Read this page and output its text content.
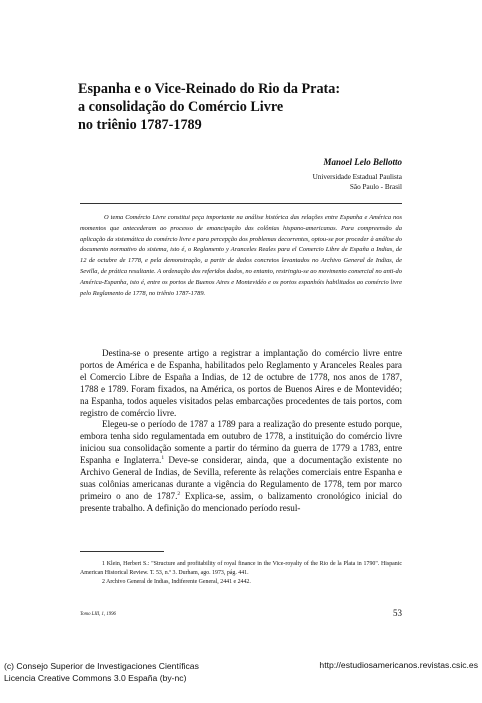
Espanha e o Vice-Reinado do Rio da Prata:
a consolidação do Comércio Livre
no triênio 1787-1789
Manoel Lelo Bellotto
Universidade Estadual Paulista
São Paulo - Brasil
O tema Comércio Livre constitui peça importante na análise histórica das relações entre Espanha e América nos momentos que antecederam ao processo de emancipação das colônias hispano-americanas. Para compreensão da aplicação da sistemática do comércio livre e para percepção dos problemas decorrentes, optou-se por proceder à análise do documento normativo do sistema, isto é, o Reglamento y Aranceles Reales para el Comercio Libre de España a Indias, de 12 de octubre de 1778, e pela demonstração, a partir de dados concretos levantados no Archivo General de Indias, de Sevilla, de prática resultante. A ordenação dos referidos dados, no entanto, restringiu-se ao movimento comercial no anti-do América-Espanha, isto é, entre os portos de Buenos Aires e Montevidéo e os portos espanhóis habilitados ao comércio livre pelo Reglamento de 1778, no triênio 1787-1789.

Destina-se o presente artigo a registrar a implantação do comércio livre entre portos de América e de Espanha, habilitados pelo Reglamento y Aranceles Reales para el Comercio Libre de España a Indias, de 12 de octubre de 1778, nos anos de 1787, 1788 e 1789. Foram fixados, na América, os portos de Buenos Aires e de Montevidéo; na Espanha, todos aqueles visitados pelas embarcações procedentes de tais portos, com registro de comércio livre.

Elegeu-se o período de 1787 a 1789 para a realização do presente estudo porque, embora tenha sido regulamentada em outubro de 1778, a instituição do comércio livre iniciou sua consolidação somente a partir do término da guerra de 1779 a 1783, entre Espanha e Inglaterra.$^1$ Deve-se considerar, ainda, que a documentação existente no Archivo General de Indias, de Sevilla, referente às relações comerciais entre Espanha e suas colônias americanas durante a vigência do Regulamento de 1778, tem por marco primeiro o ano de 1787.$^2$ Explica-se, assim, o balizamento cronológico inicial do presente trabalho. A definição do mencionado período resul-

1 Klein, Herbert S.: "Structure and profitability of royal finance in the Vice-royalty of the Rio de la Plata in 1790". Hispanic American Historical Review. T. 53, n.º 3. Durham, ago. 1973, pág. 441.

2 Archivo General de Indias, Indiferente General, 2441 e 2442.

Tomo LIII, 1, 1996	53
(c) Consejo Superior de Investigaciones Científicas
Licencia Creative Commons 3.0 España (by-nc)
http://estudiosamericanos.revistas.csic.es
